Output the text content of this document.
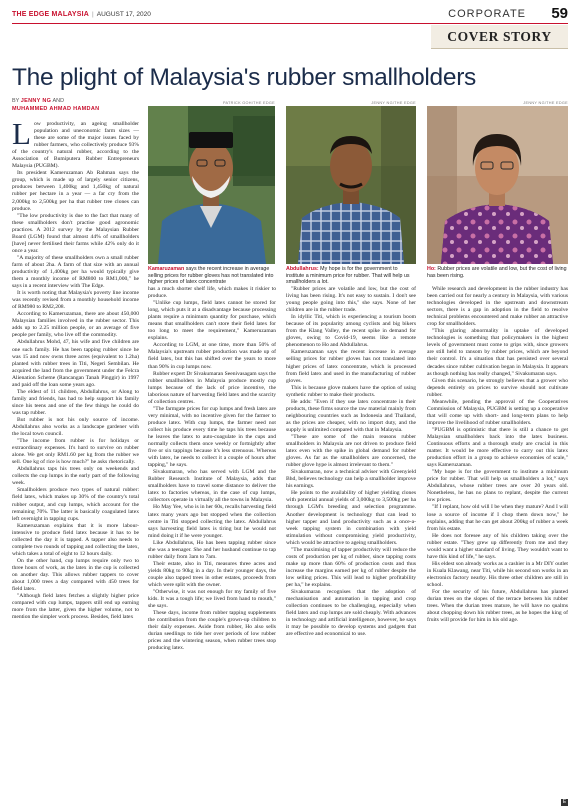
THE EDGE MALAYSIA | AUGUST 17, 2020	CORPORATE 59
COVER STORY
The plight of Malaysia's rubber smallholders
BY JENNY NG AND
MUHAMMED AHMAD HAMDAN
L ow productivity, an ageing smallholder population and uneconomic farm sizes — these are some of the major issues faced by rubber farmers, who collectively produce 93% of the country's natural rubber, according to the Association of Bumiputera Rubber Entrepreneurs Malaysia (PUGBM).

Its president Kameruzaman Ab Rahman says the group, which is made up of largely senior citizens, produces between 1,400kg and 1,450kg of natural rubber per hectare in a year — a far cry from the 2,000kg to 2,500kg per ha that rubber tree clones can produce.

"The low productivity is due to the fact that many of these smallholders don't practise good agronomic practices. A 2012 survey by the Malaysian Rubber Board (LGM) found that almost 44% of smallholders [have] never fertilised their farms while 42% only do it once a year.

"A majority of these smallholders own a small rubber farm of about 2ha. A farm of that size with an annual productivity of 1,400kg per ha would typically give them a monthly income of RM800 to RM1,000," he says in a recent interview with The Edge.

It is worth noting that Malaysia's poverty line income was recently revised from a monthly household income of RM980 to RM2,208.

According to Kameruzaman, there are about 450,000 Malaysian families involved in the rubber sector. This adds up to 2.25 million people, or an average of five people per family, who live off the commodity.

Abdullahrus Mohd, 47, his wife and five children are one such family. He has been tapping rubber since he was 15 and now owns three acres (equivalent to 1.2ha) planted with rubber trees in Titi, Negeri Sembilan. He acquired the land from the government under the Felcra Alienation Scheme (Rancangan Tanah Pinggir) in 1997 and paid off the loan some years ago.

The eldest of 11 children, Abdullahrus, or Along to family and friends, has had to help support his family since his teens and one of the few things he could do was tap rubber.

But rubber is not his only source of income. Abdullahrus also works as a landscape gardener with the local town council.

"The income from rubber is for holidays or extraordinary expenses. It's hard to survive on rubber alone. We get only RM1.60 per kg from the rubber we sell. One kg of rice is how much?" he asks rhetorically.

Abdullahrus taps his trees only on weekends and collects the cup lumps in the early part of the following week.

Smallholders produce two types of natural rubber: field latex, which makes up 30% of the country's total rubber output, and cup lumps, which account for the remaining 70%. The latter is basically coagulated latex left overnight in tapping cups.

Kameruzaman explains that it is more labour-intensive to produce field latex because it has to be collected the day it is tapped. A tapper also needs to complete two rounds of tapping and collecting the latex, which takes a total of eight to 12 hours daily.

On the other hand, cup lumps require only two to three hours of work, as the latex in the cup is collected on another day. This allows rubber tappers to cover about 1,000 trees a day compared with 450 trees for field latex.

"Although field latex fetches a slightly higher price compared with cup lumps, tappers still end up earning more from the latter, given the higher volume, not to mention the simpler work process. Besides, field latex

PATRICK GOH/THE EDGE
Kamaruzaman says the recent increase in average selling prices for rubber gloves has not translated into higher prices of latex concentrate
JENNY NG/THE EDGE
Abdullahrus: My hope is for the government to institute a minimum price for rubber. That will help us smallholders a lot.
JENNY NG/THE EDGE
Ho: Rubber prices are volatile and low, but the cost of living has been rising.

has a much shorter shelf life, which makes it riskier to produce.

"Unlike cup lumps, field latex cannot be stored for long, which puts it at a disadvantage because processing plants require a minimum quantity for purchase, which means that smallholders can't store their field latex for too long to meet the requirement," Kameruzaman explains.

According to LGM, at one time, more than 50% of Malaysia's upstream rubber production was made up of field latex, but this has shifted over the years to more than 90% in cup lumps now.

Rubber expert Dr Sivakumaran Seenivasagam says the rubber smallholders in Malaysia produce mostly cup lumps because of the lack of price incentive, the laborious nature of harvesting field latex and the scarcity of collection centres.

"The farmgate prices for cup lumps and fresh latex are very minimal, with no incentive given for the farmer to produce latex. With cup lumps, the farmer need not collect his produce every time he taps his trees because he leaves the latex to auto-coagulate in the cups and normally collects them once weekly or fortnightly after five or six tappings because it's less strenuous. Whereas with latex, he needs to collect it a couple of hours after tapping," he says.

Sivakumaran, who has served with LGM and the Rubber Research Institute of Malaysia, adds that smallholders have to travel some distance to deliver the latex to factories whereas, in the case of cup lumps, collectors operate in virtually all the towns in Malaysia.

Ho May Yee, who is in her 60s, recalls harvesting field latex many years ago but stopped when the collection centre in Titi stopped collecting the latex. Abdullahrus says harvesting field latex is tiring but he would not mind doing it if he were younger.

Like Abdullahrus, Ho has been tapping rubber since she was a teenager. She and her husband continue to tap rubber daily from 3am to 7am.

Their estate, also in Titi, measures three acres and yields 80kg to 90kg in a day. In their younger days, the couple also tapped trees in other estates, proceeds from which were split with the owner.

"Otherwise, it was not enough for my family of five kids. It was a tough life; we lived from hand to mouth," she says.

These days, income from rubber tapping supplements the contribution from the couple's grown-up children to their daily expenses. Aside from rubber, Ho also sells durian seedlings to tide her over periods of low rubber prices and the wintering season, when rubber trees stop producing latex.

"Rubber prices are volatile and low, but the cost of living has been rising. It's not easy to sustain. I don't see young people going into this," she says. None of her children are in the rubber trade.

In idyllic Titi, which is experiencing a tourism boom because of its popularity among cyclists and big bikers from the Klang Valley, the recent spike in demand for gloves, owing to Covid-19, seems like a remote phenomenon to Ho and Abdullahrus.

Kameruzaman says the recent increase in average selling prices for rubber gloves has not translated into higher prices of latex concentrate, which is processed from field latex and used in the manufacturing of rubber gloves.

This is because glove makers have the option of using synthetic rubber to make their products.

He adds: "Even if they use latex concentrate in their products, these firms source the raw material mainly from neighbouring countries such as Indonesia and Thailand, as the prices are cheaper, with no import duty, and the supply is unlimited compared with that in Malaysia.

"These are some of the main reasons rubber smallholders in Malaysia are not driven to produce field latex even with the spike in global demand for rubber gloves. As far as the smallholders are concerned, the rubber glove hype is almost irrelevant to them."

Sivakumaran, now a technical adviser with Greenyield Bhd, believes technology can help a smallholder improve his earnings.

He points to the availability of higher yielding clones with potential annual yields of 3,000kg to 3,500kg per ha through LGM's breeding and selection programme. Another development is technology that can lead to higher tapper and land productivity such as a once-a-week tapping system in combination with yield stimulation without compromising yield productivity, which would be attractive to ageing smallholders.

"The maximising of tapper productivity will reduce the costs of production per kg of rubber, since tapping costs make up more than 60% of production costs and thus increase the margins earned per kg of rubber despite the low selling prices. This will lead to higher profitability per ha," he explains.

Sivakumaran recognises that the adoption of mechanisation and automation in tapping and crop collection continues to be challenging, especially when field latex and cup lumps are sold cheaply. With advances in technology and artificial intelligence, however, he says it may be possible to develop systems and gadgets that are effective and economical to use.

While research and development in the rubber industry has been carried out for nearly a century in Malaysia, with various technologies developed in the upstream and downstream sectors, there is a gap in adoption in the field to resolve technical problems encountered and make rubber an attractive crop for smallholders.

"This glaring abnormality in uptake of developed technologies is something that policymakers in the highest levels of government must come to grips with, since growers are still held to ransom by rubber prices, which are beyond their control. It's a situation that has persisted over several decades since rubber cultivation began in Malaysia. It appears as though nothing has really changed," Sivakumaran says.

Given this scenario, he strongly believes that a grower who depends entirely on prices to survive should not cultivate rubber.

Meanwhile, pending the approval of the Cooperatives Commission of Malaysia, PUGBM is setting up a cooperative that will come up with short- and long-term plans to help improve the livelihood of rubber smallholders.

"PUGBM is optimistic that there is still a chance to get Malaysian smallholders back into the latex business. Continuous efforts and a thorough study are crucial in this matter. It would be more effective to carry out this latex production effort in a group to achieve economies of scale," says Kameruzaman.

"My hope is for the government to institute a minimum price for rubber. That will help us smallholders a lot," says Abdullahrus, whose rubber trees are over 20 years old. Nonetheless, he has no plans to replant, despite the current low prices.

"If I replant, how old will I be when they mature? And I will lose a source of income if I chop them down now," he explains, adding that he can get about 200kg of rubber a week from his estate.

He does not foresee any of his children taking over the rubber estate. "They grew up differently from me and they would want a higher standard of living. They wouldn't want to have this kind of life," he says.

His eldest son already works as a cashier in a Mr DIY outlet in Kuala Klawang, near Titi, while his second son works in an electronics factory nearby. His three other children are still in school.

For the security of his future, Abdullahrus has planted durian trees on the slopes of the terrace between his rubber trees. When the durian trees mature, he will have no qualms about chopping down his rubber trees, as he hopes the king of fruits will provide for him in his old age.

E
